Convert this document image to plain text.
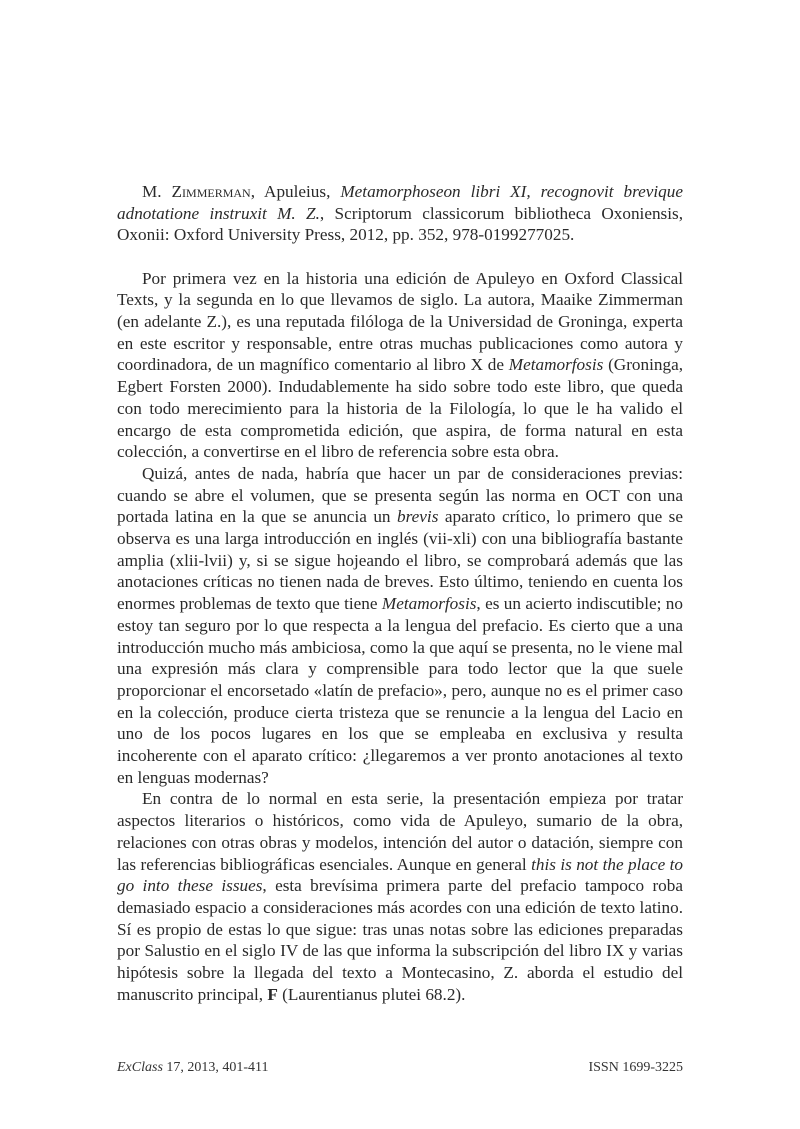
M. Zimmerman, Apuleius, Metamorphoseon libri XI, recognovit brevique adnotatione instruxit M. Z., Scriptorum classicorum bibliotheca Oxoniensis, Oxonii: Oxford University Press, 2012, pp. 352, 978-0199277025.

Por primera vez en la historia una edición de Apuleyo en Oxford Classical Texts, y la segunda en lo que llevamos de siglo. La autora, Maaike Zimmerman (en adelante Z.), es una reputada filóloga de la Universidad de Groninga, experta en este escritor y responsable, entre otras muchas publicaciones como autora y coordinadora, de un magnífico comentario al libro X de Metamorfosis (Groninga, Egbert Forsten 2000). Indudablemente ha sido sobre todo este libro, que queda con todo merecimiento para la historia de la Filología, lo que le ha valido el encargo de esta comprometida edición, que aspira, de forma natural en esta colección, a convertirse en el libro de referencia sobre esta obra.

Quizá, antes de nada, habría que hacer un par de consideraciones previas: cuando se abre el volumen, que se presenta según las norma en OCT con una portada latina en la que se anuncia un brevis aparato crítico, lo primero que se observa es una larga introducción en inglés (vii-xli) con una bibliografía bastante amplia (xlii-lvii) y, si se sigue hojeando el libro, se comprobará además que las anotaciones críticas no tienen nada de breves. Esto último, teniendo en cuenta los enormes problemas de texto que tiene Metamorfosis, es un acierto indiscutible; no estoy tan seguro por lo que respecta a la lengua del prefacio. Es cierto que a una introducción mucho más ambiciosa, como la que aquí se presenta, no le viene mal una expresión más clara y comprensible para todo lector que la que suele proporcionar el encorsetado «latín de prefacio», pero, aunque no es el primer caso en la colección, produce cierta tristeza que se renuncie a la lengua del Lacio en uno de los pocos lugares en los que se empleaba en exclusiva y resulta incoherente con el aparato crítico: ¿llegaremos a ver pronto anotaciones al texto en lenguas modernas?

En contra de lo normal en esta serie, la presentación empieza por tratar aspectos literarios o históricos, como vida de Apuleyo, sumario de la obra, relaciones con otras obras y modelos, intención del autor o datación, siempre con las referencias bibliográficas esenciales. Aunque en general this is not the place to go into these issues, esta brevísima primera parte del prefacio tampoco roba demasiado espacio a consideraciones más acordes con una edición de texto latino. Sí es propio de estas lo que sigue: tras unas notas sobre las ediciones preparadas por Salustio en el siglo IV de las que informa la subscripción del libro IX y varias hipótesis sobre la llegada del texto a Montecasino, Z. aborda el estudio del manuscrito principal, F (Laurentianus plutei 68.2).

ExClass 17, 2013, 401-411	ISSN 1699-3225
